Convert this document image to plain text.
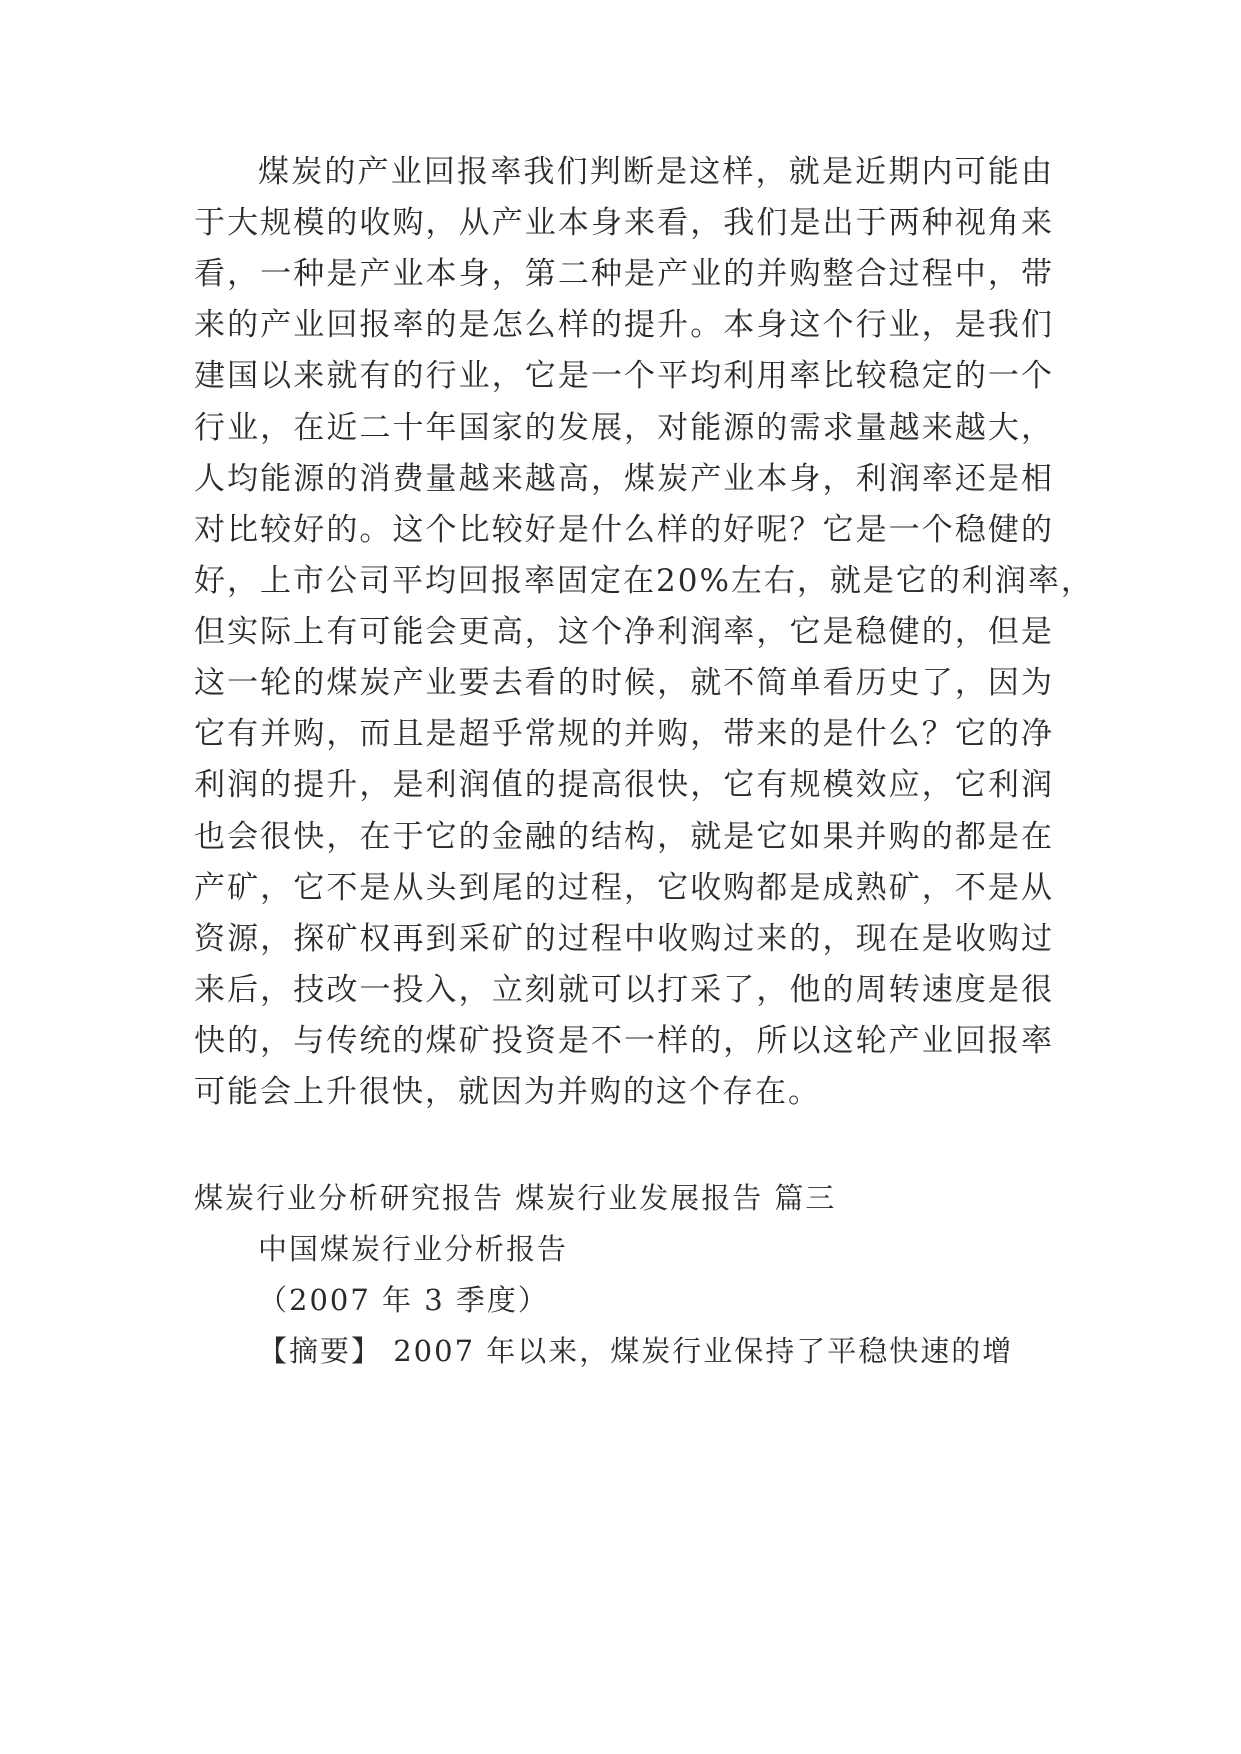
煤炭的产业回报率我们判断是这样，就是近期内可能由
于大规模的收购，从产业本身来看，我们是出于两种视角来
看，一种是产业本身，第二种是产业的并购整合过程中，带
来的产业回报率的是怎么样的提升。本身这个行业，是我们
建国以来就有的行业，它是一个平均利用率比较稳定的一个
行业，在近二十年国家的发展，对能源的需求量越来越大，
人均能源的消费量越来越高，煤炭产业本身，利润率还是相
对比较好的。这个比较好是什么样的好呢？它是一个稳健的
好，上市公司平均回报率固定在20%左右，就是它的利润率，
但实际上有可能会更高，这个净利润率，它是稳健的，但是
这一轮的煤炭产业要去看的时候，就不简单看历史了，因为
它有并购，而且是超乎常规的并购，带来的是什么？它的净
利润的提升，是利润值的提高很快，它有规模效应，它利润
也会很快，在于它的金融的结构，就是它如果并购的都是在
产矿，它不是从头到尾的过程，它收购都是成熟矿，不是从
资源，探矿权再到采矿的过程中收购过来的，现在是收购过
来后，技改一投入，立刻就可以打采了，他的周转速度是很
快的，与传统的煤矿投资是不一样的，所以这轮产业回报率
可能会上升很快，就因为并购的这个存在。
煤炭行业分析研究报告 煤炭行业发展报告 篇三
中国煤炭行业分析报告
（2007 年 3 季度）
【摘要】 2007 年以来，煤炭行业保持了平稳快速的增
